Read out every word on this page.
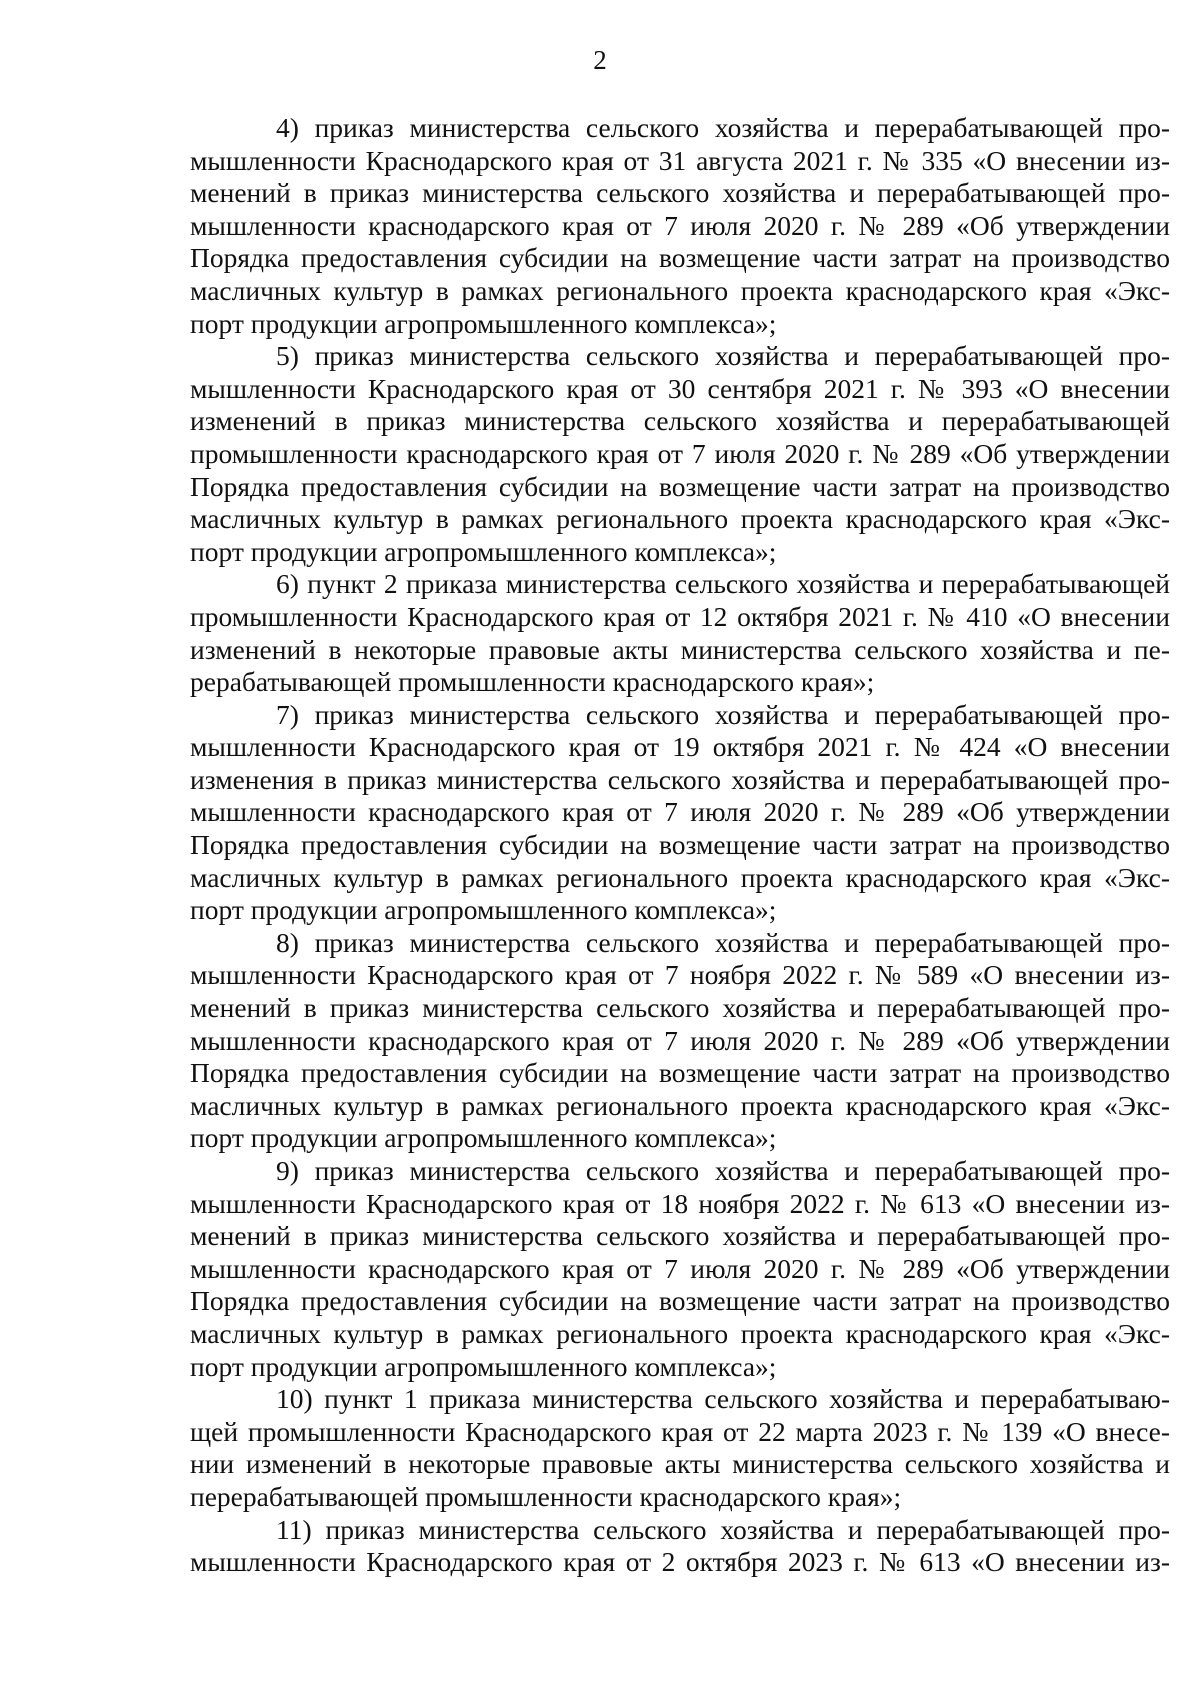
2
4) приказ министерства сельского хозяйства и перерабатывающей про-
мышленности Краснодарского края от 31 августа 2021 г. № 335 «О внесении из-
менений в приказ министерства сельского хозяйства и перерабатывающей про-
мышленности краснодарского края от 7 июля 2020 г. № 289 «Об утверждении
Порядка предоставления субсидии на возмещение части затрат на производство
масличных культур в рамках регионального проекта краснодарского края «Экс-
порт продукции агропромышленного комплекса»;
5) приказ министерства сельского хозяйства и перерабатывающей про-
мышленности Краснодарского края от 30 сентября 2021 г. № 393 «О внесении
изменений в приказ министерства сельского хозяйства и перерабатывающей
промышленности краснодарского края от 7 июля 2020 г. № 289 «Об утверждении
Порядка предоставления субсидии на возмещение части затрат на производство
масличных культур в рамках регионального проекта краснодарского края «Экс-
порт продукции агропромышленного комплекса»;
6) пункт 2 приказа министерства сельского хозяйства и перерабатывающей
промышленности Краснодарского края от 12 октября 2021 г. № 410 «О внесении
изменений в некоторые правовые акты министерства сельского хозяйства и пе-
рерабатывающей промышленности краснодарского края»;
7) приказ министерства сельского хозяйства и перерабатывающей про-
мышленности Краснодарского края от 19 октября 2021 г. № 424 «О внесении
изменения в приказ министерства сельского хозяйства и перерабатывающей про-
мышленности краснодарского края от 7 июля 2020 г. № 289 «Об утверждении
Порядка предоставления субсидии на возмещение части затрат на производство
масличных культур в рамках регионального проекта краснодарского края «Экс-
порт продукции агропромышленного комплекса»;
8) приказ министерства сельского хозяйства и перерабатывающей про-
мышленности Краснодарского края от 7 ноября 2022 г. № 589 «О внесении из-
менений в приказ министерства сельского хозяйства и перерабатывающей про-
мышленности краснодарского края от 7 июля 2020 г. № 289 «Об утверждении
Порядка предоставления субсидии на возмещение части затрат на производство
масличных культур в рамках регионального проекта краснодарского края «Экс-
порт продукции агропромышленного комплекса»;
9) приказ министерства сельского хозяйства и перерабатывающей про-
мышленности Краснодарского края от 18 ноября 2022 г. № 613 «О внесении из-
менений в приказ министерства сельского хозяйства и перерабатывающей про-
мышленности краснодарского края от 7 июля 2020 г. № 289 «Об утверждении
Порядка предоставления субсидии на возмещение части затрат на производство
масличных культур в рамках регионального проекта краснодарского края «Экс-
порт продукции агропромышленного комплекса»;
10) пункт 1 приказа министерства сельского хозяйства и перерабатываю-
щей промышленности Краснодарского края от 22 марта 2023 г. № 139 «О внесе-
нии изменений в некоторые правовые акты министерства сельского хозяйства и
перерабатывающей промышленности краснодарского края»;
11) приказ министерства сельского хозяйства и перерабатывающей про-
мышленности Краснодарского края от 2 октября 2023 г. № 613 «О внесении из-
